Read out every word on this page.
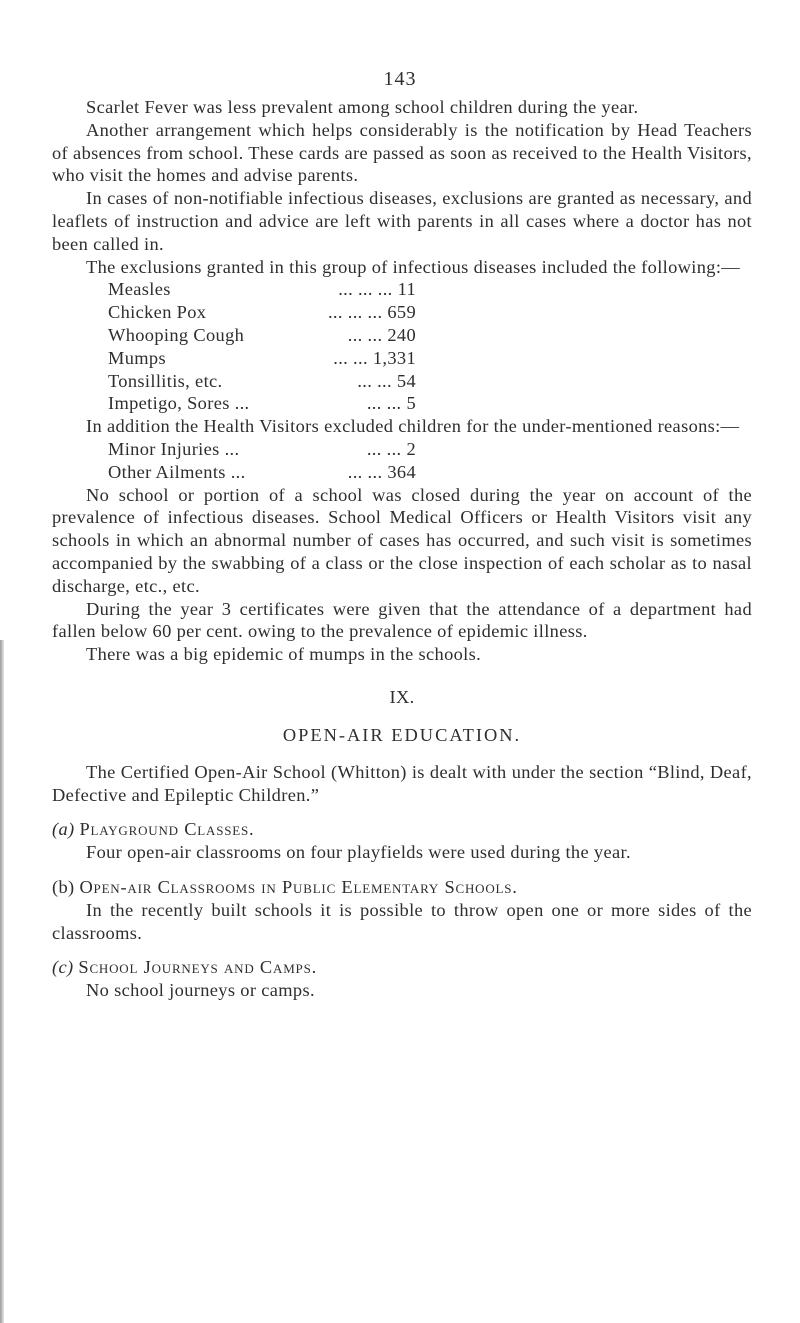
143

Scarlet Fever was less prevalent among school children during the year.

Another arrangement which helps considerably is the notification by Head Teachers of absences from school. These cards are passed as soon as received to the Health Visitors, who visit the homes and advise parents.

In cases of non-notifiable infectious diseases, exclusions are granted as necessary, and leaflets of instruction and advice are left with parents in all cases where a doctor has not been called in.

The exclusions granted in this group of infectious diseases included the following:—

Measles	... ... ... 11
Chicken Pox	... ... ... 659
Whooping Cough	... ... 240
Mumps	... ... 1,331
Tonsillitis, etc.	... ... 54
Impetigo, Sores ...	... ... 5

In addition the Health Visitors excluded children for the under-mentioned reasons:—

Minor Injuries ...	... ... 2
Other Ailments ...	... ... 364

No school or portion of a school was closed during the year on account of the prevalence of infectious diseases. School Medical Officers or Health Visitors visit any schools in which an abnormal number of cases has occurred, and such visit is sometimes accompanied by the swabbing of a class or the close inspection of each scholar as to nasal discharge, etc., etc.

During the year 3 certificates were given that the attendance of a department had fallen below 60 per cent. owing to the prevalence of epidemic illness.

There was a big epidemic of mumps in the schools.

IX.
OPEN-AIR EDUCATION.

The Certified Open-Air School (Whitton) is dealt with under the section “Blind, Deaf, Defective and Epileptic Children.”

(a) Playground Classes.

Four open-air classrooms on four playfields were used during the year.

(b) Open-air Classrooms in Public Elementary Schools.

In the recently built schools it is possible to throw open one or more sides of the classrooms.

(c) School Journeys and Camps.

No school journeys or camps.
